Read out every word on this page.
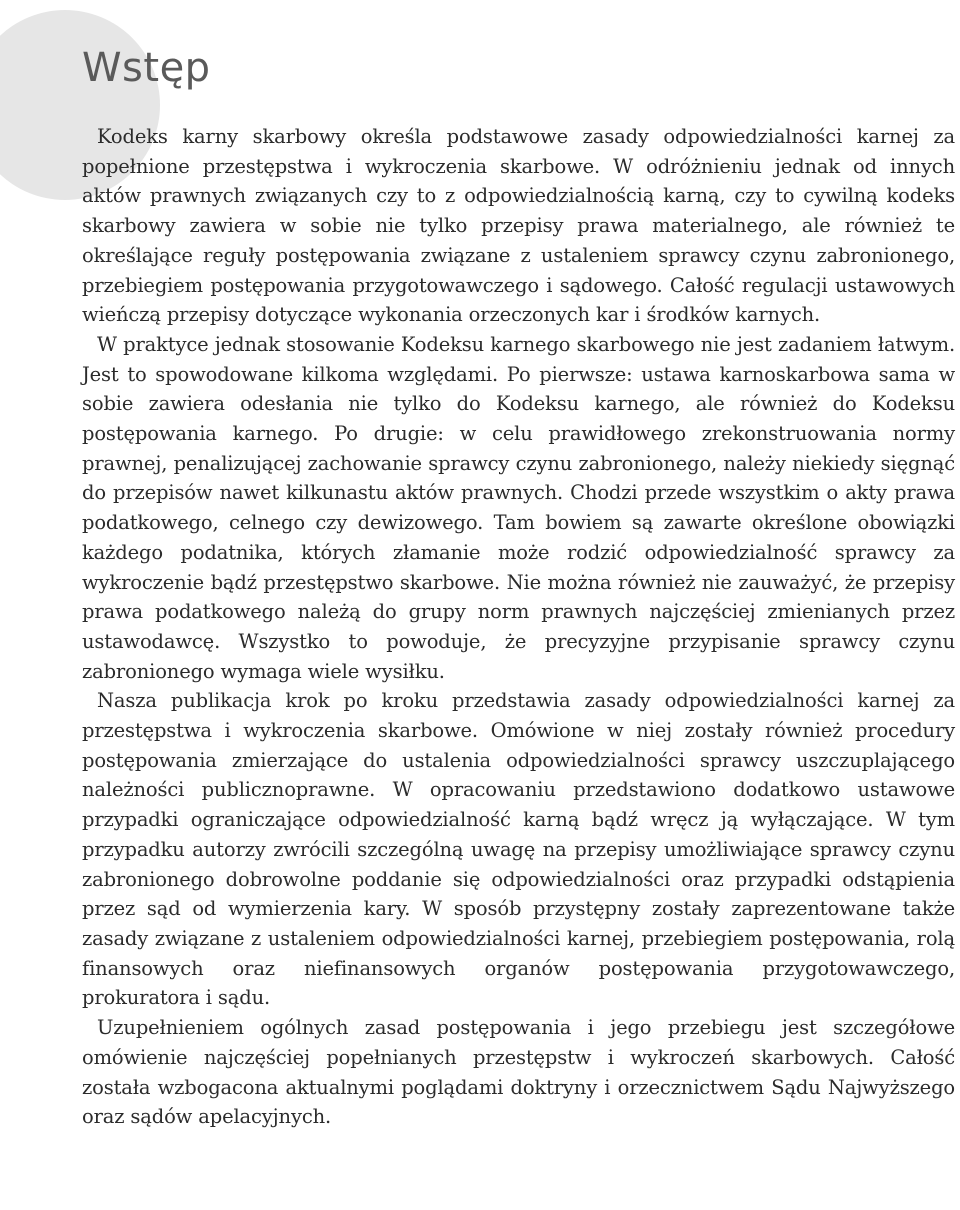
Wstęp

Kodeks karny skarbowy określa podstawowe zasady odpowiedzialności karnej za popełnione przestępstwa i wykroczenia skarbowe. W odróżnieniu jednak od innych aktów prawnych związanych czy to z odpowiedzialnością karną, czy to cywilną kodeks skarbowy zawiera w sobie nie tylko przepisy prawa materialnego, ale również te określające reguły postępowania związane z ustaleniem sprawcy czynu zabronionego, przebiegiem postępowania przygotowawczego i sądowego. Całość regulacji ustawowych wieńczą przepisy dotyczące wykonania orzeczonych kar i środków karnych.

W praktyce jednak stosowanie Kodeksu karnego skarbowego nie jest zadaniem łatwym. Jest to spowodowane kilkoma względami. Po pierwsze: ustawa karnoskarbowa sama w sobie zawiera odesłania nie tylko do Kodeksu karnego, ale również do Kodeksu postępowania karnego. Po drugie: w celu prawidłowego zrekonstruowania normy prawnej, penalizującej zachowanie sprawcy czynu zabronionego, należy niekiedy sięgnąć do przepisów nawet kilkunastu aktów prawnych. Chodzi przede wszystkim o akty prawa podatkowego, celnego czy dewizowego. Tam bowiem są zawarte określone obowiązki każdego podatnika, których złamanie może rodzić odpowiedzialność sprawcy za wykroczenie bądź przestępstwo skarbowe. Nie można również nie zauważyć, że przepisy prawa podatkowego należą do grupy norm prawnych najczęściej zmienianych przez ustawodawcę. Wszystko to powoduje, że precyzyjne przypisanie sprawcy czynu zabronionego wymaga wiele wysiłku.

Nasza publikacja krok po kroku przedstawia zasady odpowiedzialności karnej za przestępstwa i wykroczenia skarbowe. Omówione w niej zostały również procedury postępowania zmierzające do ustalenia odpowiedzialności sprawcy uszczuplającego należności publicznoprawne. W opracowaniu przedstawiono dodatkowo ustawowe przypadki ograniczające odpowiedzialność karną bądź wręcz ją wyłączające. W tym przypadku autorzy zwrócili szczególną uwagę na przepisy umożliwiające sprawcy czynu zabronionego dobrowolne poddanie się odpowiedzialności oraz przypadki odstąpienia przez sąd od wymierzenia kary. W sposób przystępny zostały zaprezentowane także zasady związane z ustaleniem odpowiedzialności karnej, przebiegiem postępowania, rolą finansowych oraz niefinansowych organów postępowania przygotowawczego, prokuratora i sądu.

Uzupełnieniem ogólnych zasad postępowania i jego przebiegu jest szczegółowe omówienie najczęściej popełnianych przestępstw i wykroczeń skarbowych. Całość została wzbogacona aktualnymi poglądami doktryny i orzecznictwem Sądu Najwyższego oraz sądów apelacyjnych.
